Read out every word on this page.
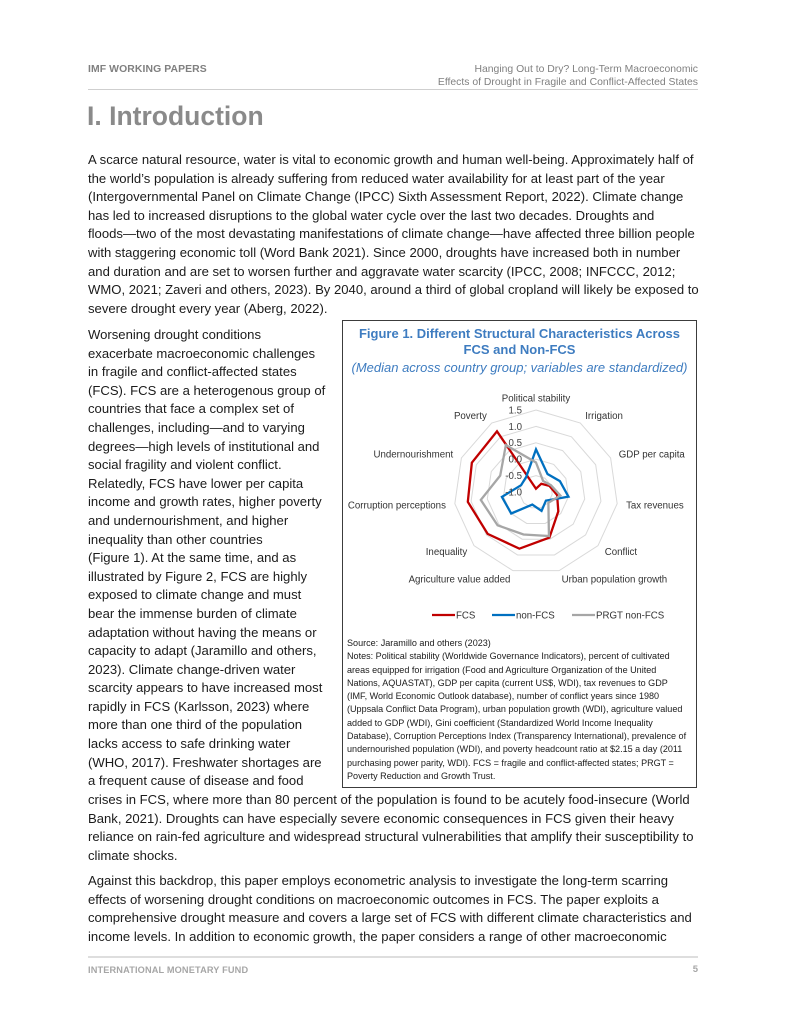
IMF WORKING PAPERS	Hanging Out to Dry? Long-Term Macroeconomic
Effects of Drought in Fragile and Conflict-Affected States
I. Introduction
A scarce natural resource, water is vital to economic growth and human well-being. Approximately half of
the world’s population is already suffering from reduced water availability for at least part of the year
(Intergovernmental Panel on Climate Change (IPCC) Sixth Assessment Report, 2022). Climate change
has led to increased disruptions to the global water cycle over the last two decades. Droughts and
floods—two of the most devastating manifestations of climate change—have affected three billion people
with staggering economic toll (Word Bank 2021). Since 2000, droughts have increased both in number
and duration and are set to worsen further and aggravate water scarcity (IPCC, 2008; INFCCC, 2012;
WMO, 2021; Zaveri and others, 2023). By 2040, around a third of global cropland will likely be exposed to
severe drought every year (Aberg, 2022).
Worsening drought conditions
exacerbate macroeconomic challenges
in fragile and conflict-affected states
(FCS). FCS are a heterogenous group of
countries that face a complex set of
challenges, including—and to varying
degrees—high levels of institutional and
social fragility and violent conflict.
Relatedly, FCS have lower per capita
income and growth rates, higher poverty
and undernourishment, and higher
inequality than other countries
(Figure 1). At the same time, and as
illustrated by Figure 2, FCS are highly
exposed to climate change and must
bear the immense burden of climate
adaptation without having the means or
capacity to adapt (Jaramillo and others,
2023). Climate change-driven water
scarcity appears to have increased most
rapidly in FCS (Karlsson, 2023) where
more than one third of the population
lacks access to safe drinking water
(WHO, 2017). Freshwater shortages are
a frequent cause of disease and food
crises in FCS, where more than 80 percent of the population is found to be acutely food-insecure (World
Bank, 2021). Droughts can have especially severe economic consequences in FCS given their heavy
reliance on rain-fed agriculture and widespread structural vulnerabilities that amplify their susceptibility to
climate shocks.
Against this backdrop, this paper employs econometric analysis to investigate the long-term scarring
effects of worsening drought conditions on macroeconomic outcomes in FCS. The paper exploits a
comprehensive drought measure and covers a large set of FCS with different climate characteristics and
income levels. In addition to economic growth, the paper considers a range of other macroeconomic
Figure 1. Different Structural Characteristics Across
FCS and Non-FCS
(Median across country group; variables are standardized)
-1.0
-0.5
0.0
0.5
1.0
1.5
Political stability
Irrigation
GDP per capita
Tax revenues
Conflict
Urban population growth
Agriculture value added
Inequality
Corruption perceptions
Undernourishment
Poverty
FCS	non-FCS	PRGT non-FCS
Source: Jaramillo and others (2023)
Notes: Political stability (Worldwide Governance Indicators), percent of cultivated
areas equipped for irrigation (Food and Agriculture Organization of the United
Nations, AQUASTAT), GDP per capita (current US$, WDI), tax revenues to GD​P
(IMF, World Economic Outlook database), number of conflict years since 1980
(Uppsala Conflict Data Program), urban population growth (WDI), agriculture valued
added to GDP (WDI), Gini coefficient (Standardized World Income Inequality
Database), Corruption Perceptions Index (Transparency International), prevalence of
undernourished population (WDI), and poverty headcount ratio at $2.15 a day (2011
purchasing power parity, WDI). FCS = fragile and conflict-affected states; PRGT =
Poverty Reduction and Growth Trust.
INTERNATIONAL MONETARY FUND	5
